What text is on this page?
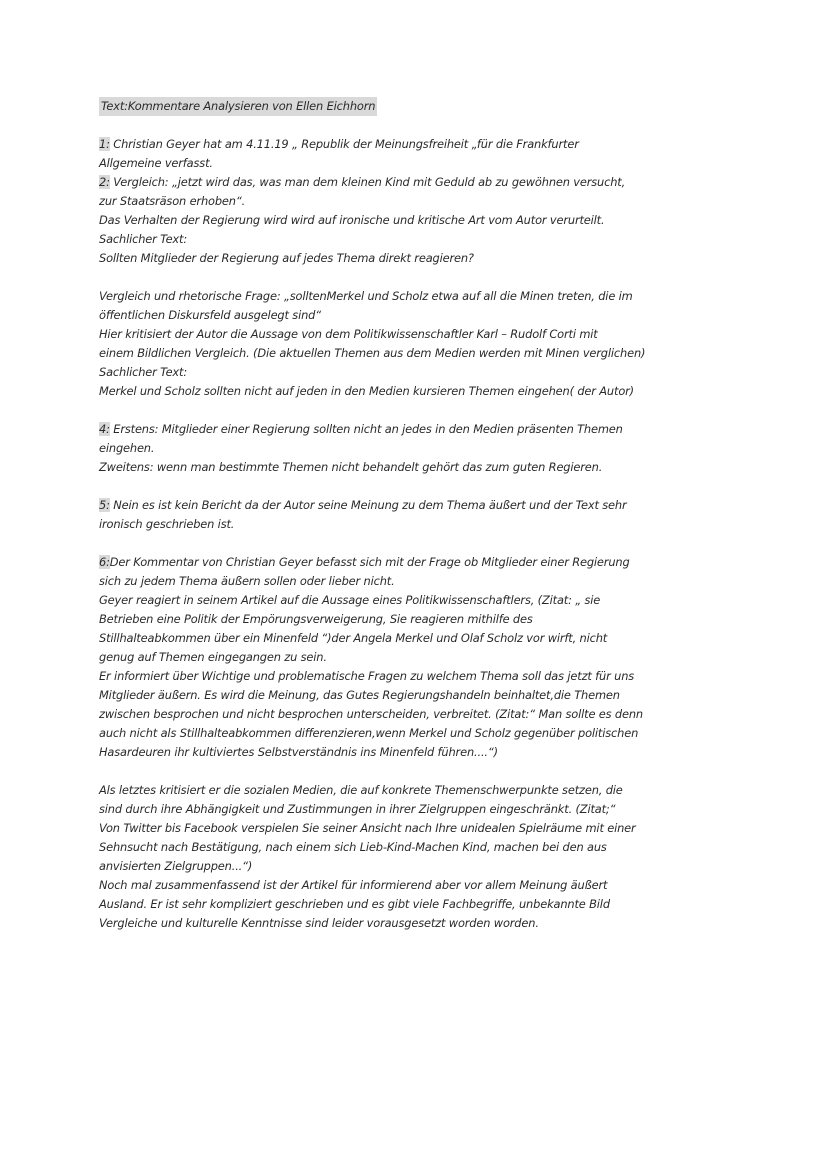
Text:Kommentare Analysieren von Ellen Eichhorn
1: Christian Geyer hat am 4.11.19 „ Republik der Meinungsfreiheit „für die Frankfurter
Allgemeine verfasst.
2: Vergleich: „jetzt wird das, was man dem kleinen Kind mit Geduld ab zu gewöhnen versucht,
zur Staatsräson erhoben“.
Das Verhalten der Regierung wird wird auf ironische und kritische Art vom Autor verurteilt.
Sachlicher Text:
Sollten Mitglieder der Regierung auf jedes Thema direkt reagieren?
Vergleich und rhetorische Frage: „solltenMerkel und Scholz etwa auf all die Minen treten, die im
öffentlichen Diskursfeld ausgelegt sind“
Hier kritisiert der Autor die Aussage von dem Politikwissenschaftler Karl – Rudolf Corti mit
einem Bildlichen Vergleich. (Die aktuellen Themen aus dem Medien werden mit Minen verglichen)
Sachlicher Text:
Merkel und Scholz sollten nicht auf jeden in den Medien kursieren Themen eingehen( der Autor)
4: Erstens: Mitglieder einer Regierung sollten nicht an jedes in den Medien präsenten Themen
eingehen.
Zweitens: wenn man bestimmte Themen nicht behandelt gehört das zum guten Regieren.
5: Nein es ist kein Bericht da der Autor seine Meinung zu dem Thema äußert und der Text sehr
ironisch geschrieben ist.
6:Der Kommentar von Christian Geyer befasst sich mit der Frage ob Mitglieder einer Regierung
sich zu jedem Thema äußern sollen oder lieber nicht.
Geyer reagiert in seinem Artikel auf die Aussage eines Politikwissenschaftlers, (Zitat: „ sie
Betrieben eine Politik der Empörungsverweigerung, Sie reagieren mithilfe des
Stillhalteabkommen über ein Minenfeld “)der Angela Merkel und Olaf Scholz vor wirft, nicht
genug auf Themen eingegangen zu sein.
Er informiert über Wichtige und problematische Fragen zu welchem Thema soll das jetzt für uns
Mitglieder äußern. Es wird die Meinung, das Gutes Regierungshandeln beinhaltet,die Themen
zwischen besprochen und nicht besprochen unterscheiden, verbreitet. (Zitat:“ Man sollte es denn
auch nicht als Stillhalteabkommen differenzieren,wenn Merkel und Scholz gegenüber politischen
Hasardeuren ihr kultiviertes Selbstverständnis ins Minenfeld führen....“)
Als letztes kritisiert er die sozialen Medien, die auf konkrete Themenschwerpunkte setzen, die
sind durch ihre Abhängigkeit und Zustimmungen in ihrer Zielgruppen eingeschränkt. (Zitat;“
Von Twitter bis Facebook verspielen Sie seiner Ansicht nach Ihre unidealen Spielräume mit einer
Sehnsucht nach Bestätigung, nach einem sich Lieb-Kind-Machen Kind, machen bei den aus
anvisierten Zielgruppen...“)
Noch mal zusammenfassend ist der Artikel für informierend aber vor allem Meinung äußert
Ausland. Er ist sehr kompliziert geschrieben und es gibt viele Fachbegriffe, unbekannte Bild
Vergleiche und kulturelle Kenntnisse sind leider vorausgesetzt worden worden.
